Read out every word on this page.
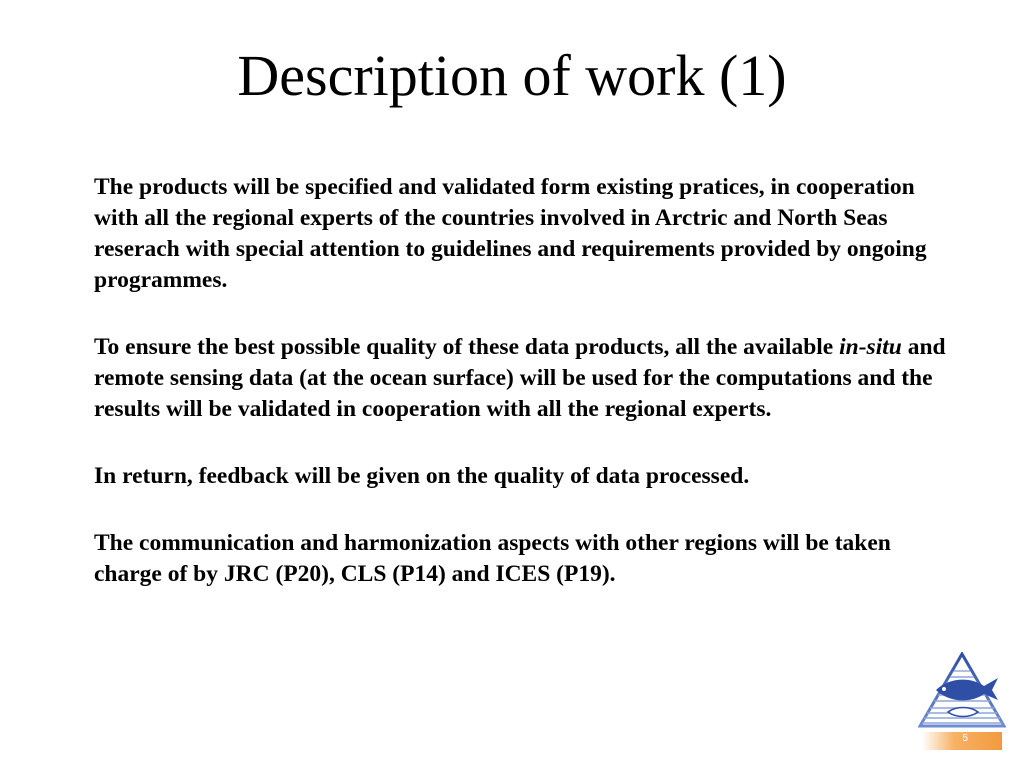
Description of work (1)

The products will be specified and validated form existing pratices, in cooperation with all the regional experts of the countries involved in Arctric and North Seas reserach with special attention to guidelines and requirements provided by ongoing programmes.

To ensure the best possible quality of these data products, all the available in-situ and remote sensing data (at the ocean surface) will be used for the computations and the results will be validated in cooperation with all the regional experts.

In return, feedback will be given on the quality of data processed.

The communication and harmonization aspects with other regions will be taken charge of by JRC (P20), CLS (P14) and ICES (P19).

5
